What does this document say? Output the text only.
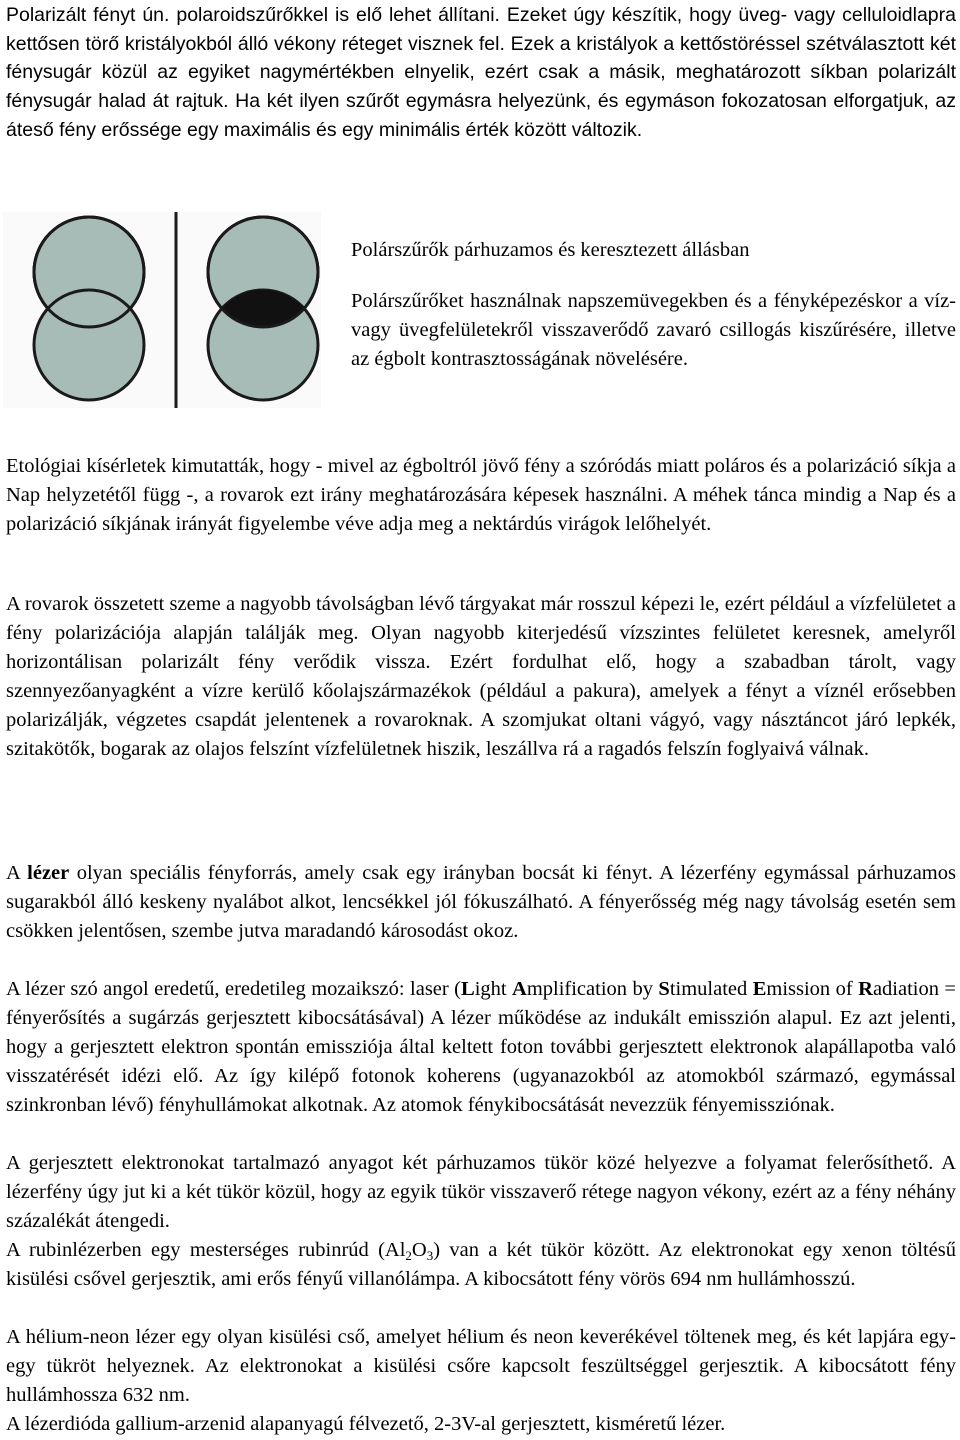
Polarizált fényt ún. polaroidszűrőkkel is elő lehet állítani. Ezeket úgy készítik, hogy üveg- vagy celluloidlapra kettősen törő kristályokból álló vékony réteget visznek fel. Ezek a kristályok a kettőstöréssel szétválasztott két fénysugár közül az egyiket nagymértékben elnyelik, ezért csak a másik, meghatározott síkban polarizált fénysugár halad át rajtuk. Ha két ilyen szűrőt egymásra helyezünk, és egymáson fokozatosan elforgatjuk, az áteső fény erőssége egy maximális és egy minimális érték között változik.
Polárszűrők párhuzamos és keresztezett állásban
Polárszűrőket használnak napszemüvegekben és a fényképezéskor a víz- vagy üvegfelületekről visszaverődő zavaró csillogás kiszűrésére, illetve az égbolt kontrasztosságának növelésére.
Etológiai kísérletek kimutatták, hogy - mivel az égboltról jövő fény a szóródás miatt poláros és a polarizáció síkja a Nap helyzetétől függ -, a rovarok ezt irány meghatározására képesek használni. A méhek tánca mindig a Nap és a polarizáció síkjának irányát figyelembe véve adja meg a nektárdús virágok lelőhelyét.
A rovarok összetett szeme a nagyobb távolságban lévő tárgyakat már rosszul képezi le, ezért például a vízfelületet a fény polarizációja alapján találják meg. Olyan nagyobb kiterjedésű vízszintes felületet keresnek, amelyről horizontálisan polarizált fény verődik vissza. Ezért fordulhat elő, hogy a szabadban tárolt, vagy szennyezőanyagként a vízre kerülő kőolajszármazékok (például a pakura), amelyek a fényt a víznél erősebben polarizálják, végzetes csapdát jelentenek a rovaroknak. A szomjukat oltani vágyó, vagy násztáncot járó lepkék, szitakötők, bogarak az olajos felszínt vízfelületnek hiszik, leszállva rá a ragadós felszín foglyaivá válnak.
A lézer olyan speciális fényforrás, amely csak egy irányban bocsát ki fényt. A lézerfény egymással párhuzamos sugarakból álló keskeny nyalábot alkot, lencsékkel jól fókuszálható. A fényerősség még nagy távolság esetén sem csökken jelentősen, szembe jutva maradandó károsodást okoz.
A lézer szó angol eredetű, eredetileg mozaikszó: laser (Light Amplification by Stimulated Emission of Radiation = fényerősítés a sugárzás gerjesztett kibocsátásával) A lézer működése az indukált emisszión alapul. Ez azt jelenti, hogy a gerjesztett elektron spontán emissziója által keltett foton további gerjesztett elektronok alapállapotba való visszatérését idézi elő. Az így kilépő fotonok koherens (ugyanazokból az atomokból származó, egymással szinkronban lévő) fényhullámokat alkotnak. Az atomok fénykibocsátását nevezzük fényemissziónak.
A gerjesztett elektronokat tartalmazó anyagot két párhuzamos tükör közé helyezve a folyamat felerősíthető. A lézerfény úgy jut ki a két tükör közül, hogy az egyik tükör visszaverő rétege nagyon vékony, ezért az a fény néhány százalékát átengedi.
A rubinlézerben egy mesterséges rubinrúd $(Al_2O_3)$ van a két tükör között. Az elektronokat egy xenon töltésű kisülési csővel gerjesztik, ami erős fényű villanólámpa. A kibocsátott fény vörös 694 nm hullámhosszú.
A hélium-neon lézer egy olyan kisülési cső, amelyet hélium és neon keverékével töltenek meg, és két lapjára egy-egy tükröt helyeznek. Az elektronokat a kisülési csőre kapcsolt feszültséggel gerjesztik. A kibocsátott fény hullámhossza 632 nm.
A lézerdióda gallium-arzenid alapanyagú félvezető, 2-3V-al gerjesztett, kisméretű lézer.
